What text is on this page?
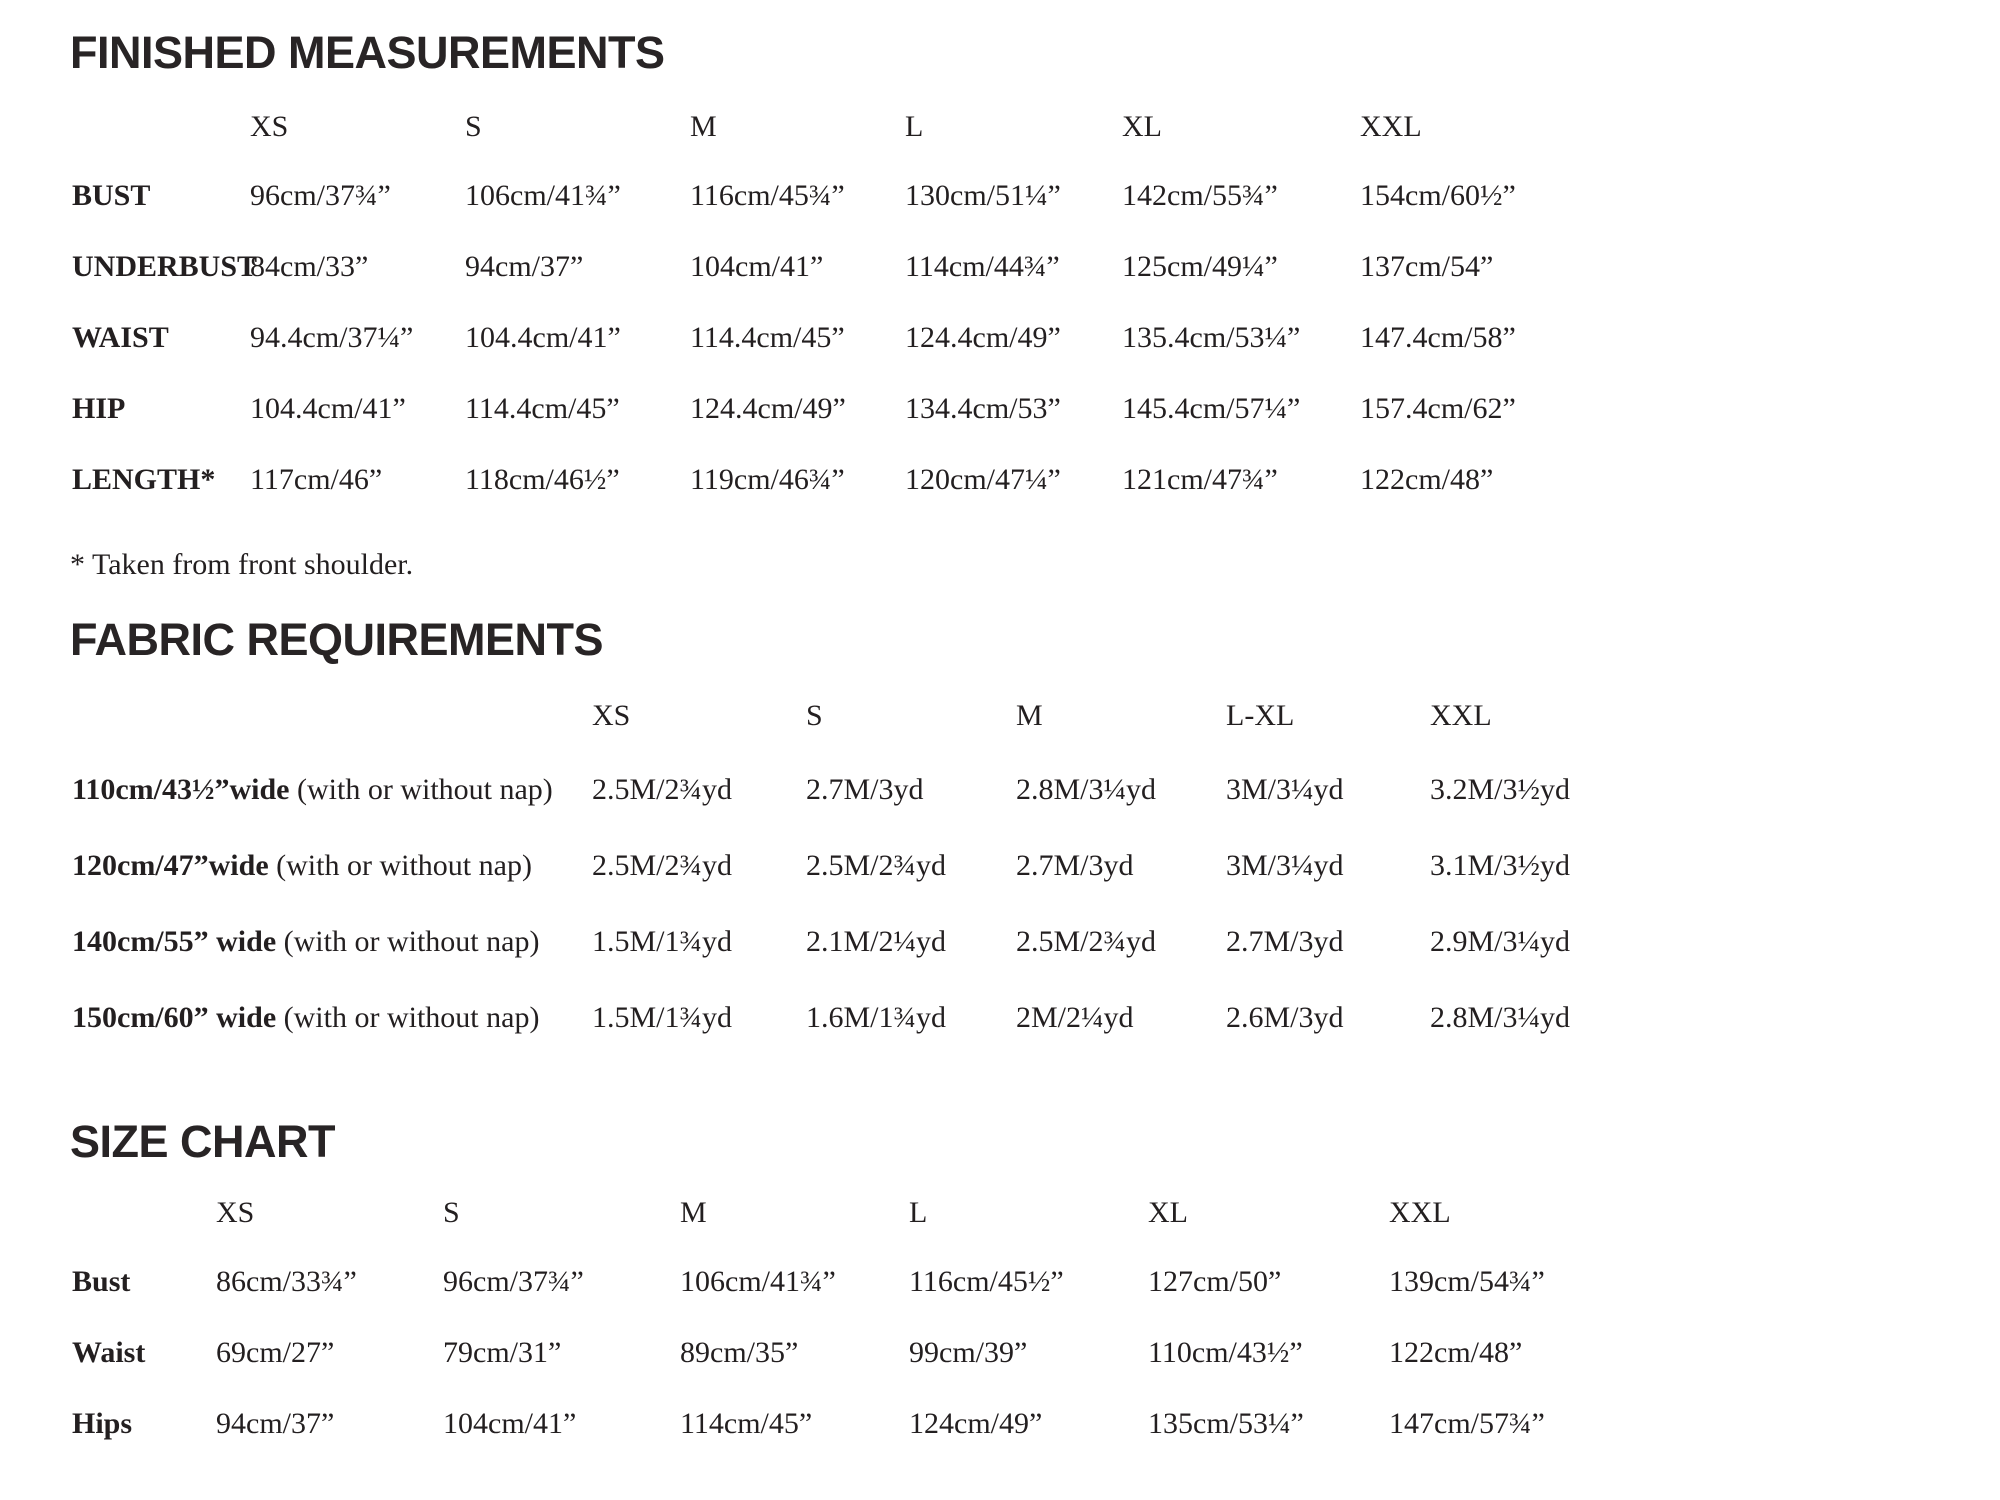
FINISHED MEASUREMENTS
	XS	S	M	L	XL	XXL
BUST	96cm/37¾”	106cm/41¾”	116cm/45¾”	130cm/51¼”	142cm/55¾”	154cm/60½”
UNDERBUST	84cm/33”	94cm/37”	104cm/41”	114cm/44¾”	125cm/49¼”	137cm/54”
WAIST	94.4cm/37¼”	104.4cm/41”	114.4cm/45”	124.4cm/49”	135.4cm/53¼”	147.4cm/58”
HIP	104.4cm/41”	114.4cm/45”	124.4cm/49”	134.4cm/53”	145.4cm/57¼”	157.4cm/62”
LENGTH*	117cm/46”	118cm/46½”	119cm/46¾”	120cm/47¼”	121cm/47¾”	122cm/48”

* Taken from front shoulder.

FABRIC REQUIREMENTS
	XS	S	M	L-XL	XXL
110cm/43½”wide (with or without nap)	2.5M/2¾yd	2.7M/3yd	2.8M/3¼yd	3M/3¼yd	3.2M/3½yd
120cm/47”wide (with or without nap)	2.5M/2¾yd	2.5M/2¾yd	2.7M/3yd	3M/3¼yd	3.1M/3½yd
140cm/55” wide (with or without nap)	1.5M/1¾yd	2.1M/2¼yd	2.5M/2¾yd	2.7M/3yd	2.9M/3¼yd
150cm/60” wide (with or without nap)	1.5M/1¾yd	1.6M/1¾yd	2M/2¼yd	2.6M/3yd	2.8M/3¼yd
SIZE CHART
	XS	S	M	L	XL	XXL
Bust	86cm/33¾”	96cm/37¾”	106cm/41¾”	116cm/45½”	127cm/50”	139cm/54¾”
Waist	69cm/27”	79cm/31”	89cm/35”	99cm/39”	110cm/43½”	122cm/48”
Hips	94cm/37”	104cm/41”	114cm/45”	124cm/49”	135cm/53¼”	147cm/57¾”
